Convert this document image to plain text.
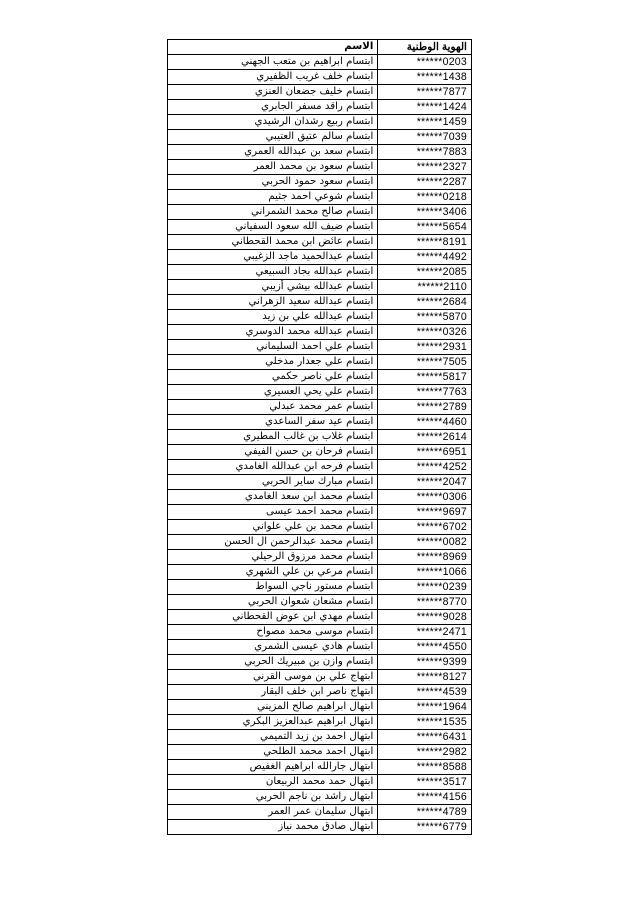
الهوية الوطنية	الاسم
******0203	ابتسام ابراهيم بن متعب الجهني
******1438	ابتسام خلف غريب الظفيري
******7877	ابتسام خليف جضعان العنزي
******1424	ابتسام راقد مسفر الجابري
******1459	ابتسام ربيع رشدان الرشيدي
******7039	ابتسام سالم عتيق العتيبي
******7883	ابتسام سعد بن عبدالله العمري
******2327	ابتسام سعود بن محمد العمر
******2287	ابتسام سعود حمود الحربي
******0218	ابتسام شوعي احمد جثيم
******3406	ابتسام صالح محمد الشمراني
******5654	ابتسام ضيف الله سعود السفياني
******8191	ابتسام عائض ابن محمد القحطاني
******4492	ابتسام عبدالحميد ماجد الزغيبي
******2085	ابتسام عبدالله بجاد السبيعي
******2110	ابتسام عبدالله بيشي أزيبي
******2684	ابتسام عبدالله سعيد الزهراني
******5870	ابتسام عبدالله علي بن زيد
******0326	ابتسام عبدالله محمد الدوسري
******2931	ابتسام علي احمد السليماني
******7505	ابتسام علي جعدار مدخلي
******5817	ابتسام علي ناصر حكمي
******7763	ابتسام علي يحي العسيري
******2789	ابتسام عمر محمد عبدلي
******4460	ابتسام عيد سفر الساعدي
******2614	ابتسام غلاب بن غالب المطيري
******6951	ابتسام فرحان بن حسن الفيفي
******4252	ابتسام فرحه ابن عبدالله الغامدي
******2047	ابتسام مبارك ساير الحربي
******0306	ابتسام محمد ابن سعد الغامدي
******9697	ابتسام محمد احمد عيسى
******6702	ابتسام محمد بن علي علواني
******0082	ابتسام محمد عبدالرحمن ال الحسن
******8969	ابتسام محمد مرزوق الرحيلي
******1066	ابتسام مرعي بن علي الشهري
******0239	ابتسام مستور ناجي السواط
******8770	ابتسام مشعان شعوان الحربي
******9028	ابتسام مهدي ابن عوض القحطاني
******2471	ابتسام موسى محمد مصواح
******4550	ابتسام هادي عيسى الشمري
******9399	ابتسام وازن بن مبيريك الحربي
******8127	ابتهاج علي بن موسى القرني
******4539	ابتهاج ناصر ابن خلف البقار
******1964	ابتهال ابراهيم صالح المزيني
******1535	ابتهال ابراهيم عبدالعزيز البكري
******6431	ابتهال احمد بن زيد التميمي
******2982	ابتهال احمد محمد الطلحي
******8588	ابتهال جارالله ابراهيم الغفيص
******3517	ابتهال حمد محمد الربيعان
******4156	ابتهال راشد بن ناجم الحربي
******4789	ابتهال سليمان عمر العمر
******6779	ابتهال صادق محمد نياز
